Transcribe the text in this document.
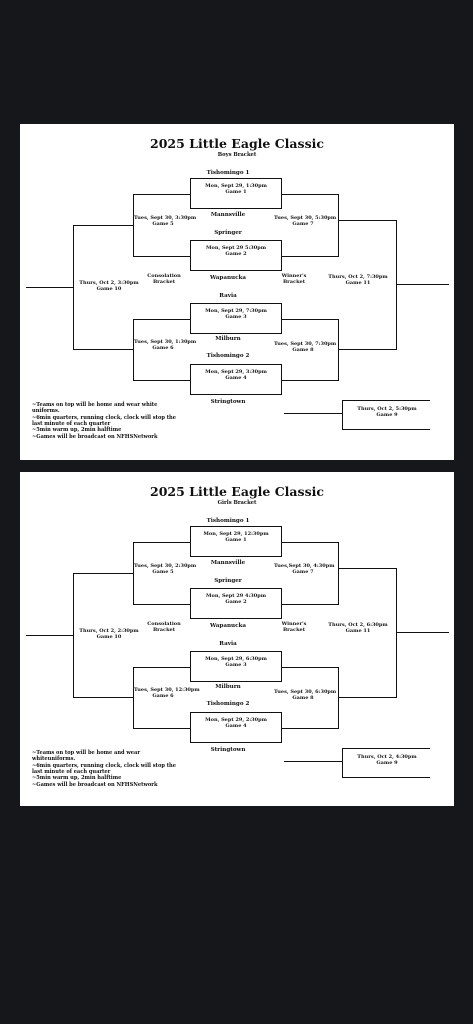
2025 Little Eagle Classic
Boys Bracket
Tishomingo 1
Mannsville
Springer
Wapanucka
Ravia
Milburn
Tishomingo 2
Stringtown
Mon, Sept 29, 1:30pm
Game 1
Mon, Sept 29 5:30pm
Game 2
Mon, Sept 29, 7:30pm
Game 3
Mon, Sept 29, 3:30pm
Game 4
Tues, Sept 30, 3:30pm
Game 5
Tues, Sept 30, 1:30pm
Game 6
Tues, Sept 30, 5:30pm
Game 7
Tues, Sept 30, 7:30pm
Game 8
Thurs, Oct 2, 3:30pm
Game 10
Thurs, Oct 2, 7:30pm
Game 11
Thurs, Oct 2, 5:30pm
Game 9
Consolation
Bracket
Winner's
Bracket
~Teams on top will be home and wear white uniforms.
~6min quarters, running clock, clock will stop the last minute of each quarter
~5min warm up, 2min halftime
~Games will be broadcast on NFHSNetwork
2025 Little Eagle Classic
Girls Bracket
Tishomingo 1
Mannsville
Springer
Wapanucka
Ravia
Milburn
Tishomingo 2
Stringtown
Mon, Sept 29, 12:30pm
Game 1
Mon, Sept 29 4:30pm
Game 2
Mon, Sept 29, 6:30pm
Game 3
Mon, Sept 29, 2:30pm
Game 4
Tues, Sept 30, 2:30pm
Game 5
Tues, Sept 30, 12:30pm
Game 6
Tues,Sept 30, 4:30pm
Game 7
Tues, Sept 30, 6:30pm
Game 8
Thurs, Oct 2, 2:30pm
Game 10
Thurs, Oct 2, 6:30pm
Game 11
Thurs, Oct 2, 4:30pm
Game 9
Consolation
Bracket
Winner's
Bracket
~Teams on top will be home and wear whiteuniforms.
~6min quarters, running clock, clock will stop the last minute of each quarter
~5min warm up, 2min halftime
~Games will be broadcast on NFHSNetwork
